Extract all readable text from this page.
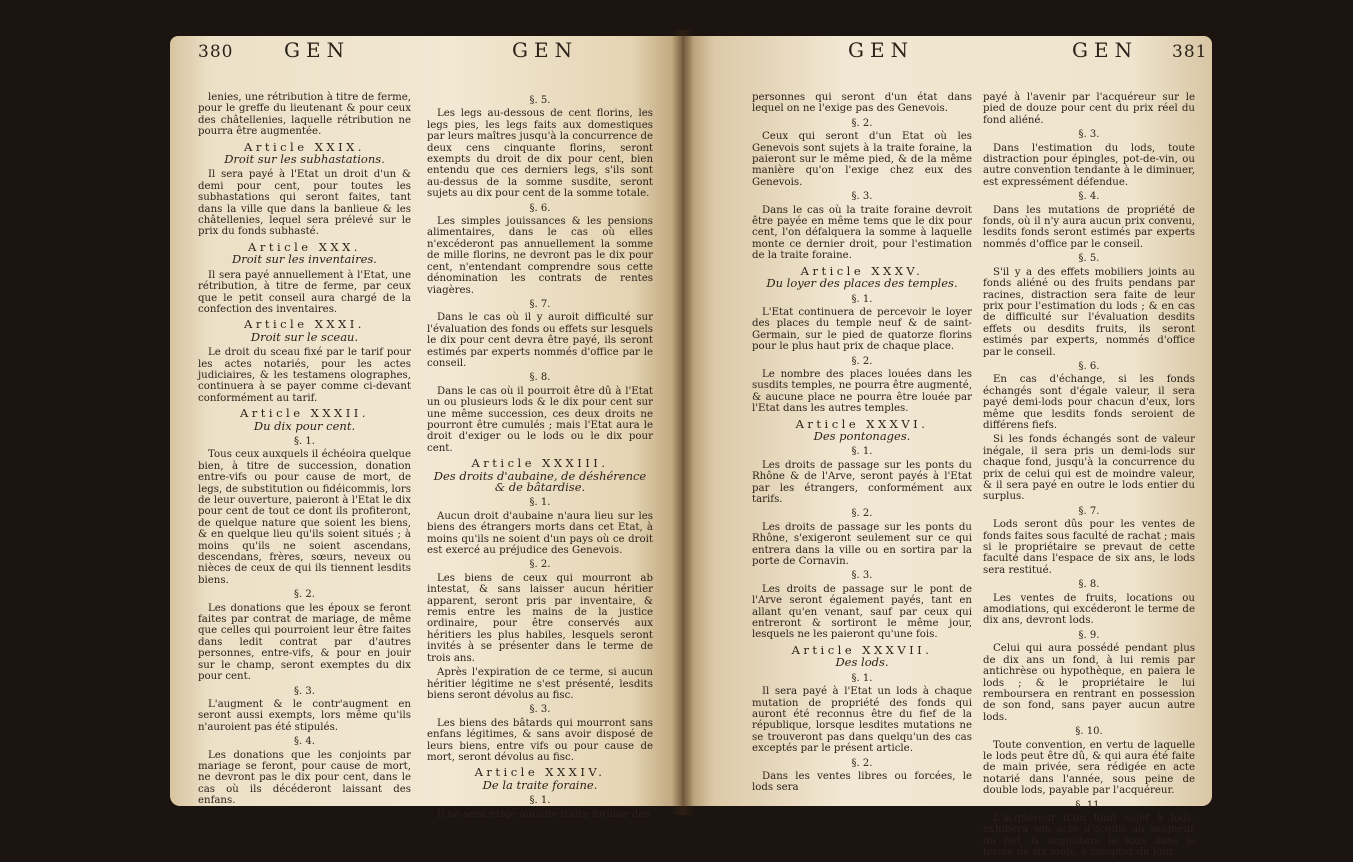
380	GEN	GEN	GEN	GEN 381

lenies, une rétribution à titre de ferme, pour le greffe du lieutenant & pour ceux des châtellenies, laquelle rétribution ne pourra être augmentée.

Article XXIX.

Droit sur les subhastations.

Il sera payé à l'Etat un droit d'un & demi pour cent, pour toutes les subhastations qui seront faites, tant dans la ville que dans la banlieue & les châtellenies, lequel sera prélevé sur le prix du fonds subhasté.

Article XXX.

Droit sur les inventaires.

Il sera payé annuellement à l'Etat, une rétribution, à titre de ferme, par ceux que le petit conseil aura chargé de la confection des inventaires.

Article XXXI.

Droit sur le sceau.

Le droit du sceau fixé par le tarif pour les actes notariés, pour les actes judiciaires, & les testamens olographes, continuera à se payer comme ci-devant conformément au tarif.

Article XXXII.

Du dix pour cent.

§. 1.

Tous ceux auxquels il échéoira quelque bien, à titre de succession, donation entre-vifs ou pour cause de mort, de legs, de substitution ou fidéicommis, lors de leur ouverture, paieront à l'Etat le dix pour cent de tout ce dont ils profiteront, de quelque nature que soient les biens, & en quelque lieu qu'ils soient situés ; à moins qu'ils ne soient ascendans, descendans, frères, sœurs, neveux ou nièces de ceux de qui ils tiennent lesdits biens.

§. 2.

Les donations que les époux se feront faites par contrat de mariage, de même que celles qui pourroient leur être faites dans ledit contrat par d'autres personnes, entre-vifs, & pour en jouir sur le champ, seront exemptes du dix pour cent.

§. 3.

L'augment & le contr'augment en seront aussi exempts, lors même qu'ils n'auroient pas été stipulés.

§. 4.

Les donations que les conjoints par mariage se feront, pour cause de mort, ne devront pas le dix pour cent, dans le cas où ils décéderont laissant des enfans.

§. 5.

Les legs au-dessous de cent florins, les legs pies, les legs faits aux domestiques par leurs maîtres jusqu'à la concurrence de deux cens cinquante florins, seront exempts du droit de dix pour cent, bien entendu que ces derniers legs, s'ils sont au-dessus de la somme susdite, seront sujets au dix pour cent de la somme totale.

§. 6.

Les simples jouissances & les pensions alimentaires, dans le cas où elles n'excéderont pas annuellement la somme de mille florins, ne devront pas le dix pour cent, n'entendant comprendre sous cette dénomination les contrats de rentes viagères.

§. 7.

Dans le cas où il y auroit difficulté sur l'évaluation des fonds ou effets sur lesquels le dix pour cent devra être payé, ils seront estimés par experts nommés d'office par le conseil.

§. 8.

Dans le cas où il pourroit être dû à l'Etat un ou plusieurs lods & le dix pour cent sur une même succession, ces deux droits ne pourront être cumulés ; mais l'Etat aura le droit d'exiger ou le lods ou le dix pour cent.

Article XXXIII.

Des droits d'aubaine, de déshérence & de bâtardise.

§. 1.

Aucun droit d'aubaine n'aura lieu sur les biens des étrangers morts dans cet Etat, à moins qu'ils ne soient d'un pays où ce droit est exercé au préjudice des Genevois.

§. 2.

Les biens de ceux qui mourront ab intestat, & sans laisser aucun héritier apparent, seront pris par inventaire, & remis entre les mains de la justice ordinaire, pour être conservés aux héritiers les plus habiles, lesquels seront invités à se présenter dans le terme de trois ans.

Après l'expiration de ce terme, si aucun héritier légitime ne s'est présenté, lesdits biens seront dévolus au fisc.

§. 3.

Les biens des bâtards qui mourront sans enfans légitimes, & sans avoir disposé de leurs biens, entre vifs ou pour cause de mort, seront dévolus au fisc.

Article XXXIV.

De la traite foraine.

§. 1.

Il ne sera exigé aucune traite foraine des

personnes qui seront d'un état dans lequel on ne l'exige pas des Genevois.

§. 2.

Ceux qui seront d'un Etat où les Genevois sont sujets à la traite foraine, la paieront sur le même pied, & de la même manière qu'on l'exige chez eux des Genevois.

§. 3.

Dans le cas où la traite foraine devroit être payée en même tems que le dix pour cent, l'on défalquera la somme à laquelle monte ce dernier droit, pour l'estimation de la traite foraine.

Article XXXV.

Du loyer des places des temples.

§. 1.

L'Etat continuera de percevoir le loyer des places du temple neuf & de saint-Germain, sur le pied de quatorze florins pour le plus haut prix de chaque place.

§. 2.

Le nombre des places louées dans les susdits temples, ne pourra être augmenté, & aucune place ne pourra être louée par l'Etat dans les autres temples.

Article XXXVI.

Des pontonages.

§. 1.

Les droits de passage sur les ponts du Rhône & de l'Arve, seront payés à l'Etat par les étrangers, conformément aux tarifs.

§. 2.

Les droits de passage sur les ponts du Rhône, s'exigeront seulement sur ce qui entrera dans la ville ou en sortira par la porte de Cornavin.

§. 3.

Les droits de passage sur le pont de l'Arve seront également payés, tant en allant qu'en venant, sauf par ceux qui entreront & sortiront le même jour, lesquels ne les paieront qu'une fois.

Article XXXVII.

Des lods.

§. 1.

Il sera payé à l'Etat un lods à chaque mutation de propriété des fonds qui auront été reconnus être du fief de la république, lorsque lesdites mutations ne se trouveront pas dans quelqu'un des cas exceptés par le présent article.

§. 2.

Dans les ventes libres ou forcées, le lods sera

payé à l'avenir par l'acquéreur sur le pied de douze pour cent du prix réel du fond aliéné.

§. 3.

Dans l'estimation du lods, toute distraction pour épingles, pot-de-vin, ou autre convention tendante à le diminuer, est expressément défendue.

§. 4.

Dans les mutations de propriété de fonds, où il n'y aura aucun prix convenu, lesdits fonds seront estimés par experts nommés d'office par le conseil.

§. 5.

S'il y a des effets mobiliers joints au fonds aliéné ou des fruits pendans par racines, distraction sera faite de leur prix pour l'estimation du lods ; & en cas de difficulté sur l'évaluation desdits effets ou desdits fruits, ils seront estimés par experts, nommés d'office par le conseil.

§. 6.

En cas d'échange, si les fonds échangés sont d'égale valeur, il sera payé demi-lods pour chacun d'eux, lors même que lesdits fonds seroient de différens fiefs.

Si les fonds échangés sont de valeur inégale, il sera pris un demi-lods sur chaque fond, jusqu'à la concurrence du prix de celui qui est de moindre valeur, & il sera payé en outre le lods entier du surplus.

§. 7.

Lods seront dûs pour les ventes de fonds faites sous faculté de rachat ; mais si le propriétaire se prevaut de cette faculté dans l'espace de six ans, le lods sera restitué.

§. 8.

Les ventes de fruits, locations ou amodiations, qui excéderont le terme de dix ans, devront lods.

§. 9.

Celui qui aura possédé pendant plus de dix ans un fond, à lui remis par antichrèse ou hypothèque, en paiera le lods ; & le propriétaire le lui remboursera en rentrant en possession de son fond, sans payer aucun autre lods.

§. 10.

Toute convention, en vertu de laquelle le lods peut être dû, & qui aura été faite de main privée, sera rédigée en acte notarié dans l'année, sous peine de double lods, payable par l'acquéreur.

§. 11.

L'acquéreur d'un fond sujet à lods, exhibera son acte d'acquis au seigneur du fief, & acquittera le lods dans le terme de six mois, à compter du jour
